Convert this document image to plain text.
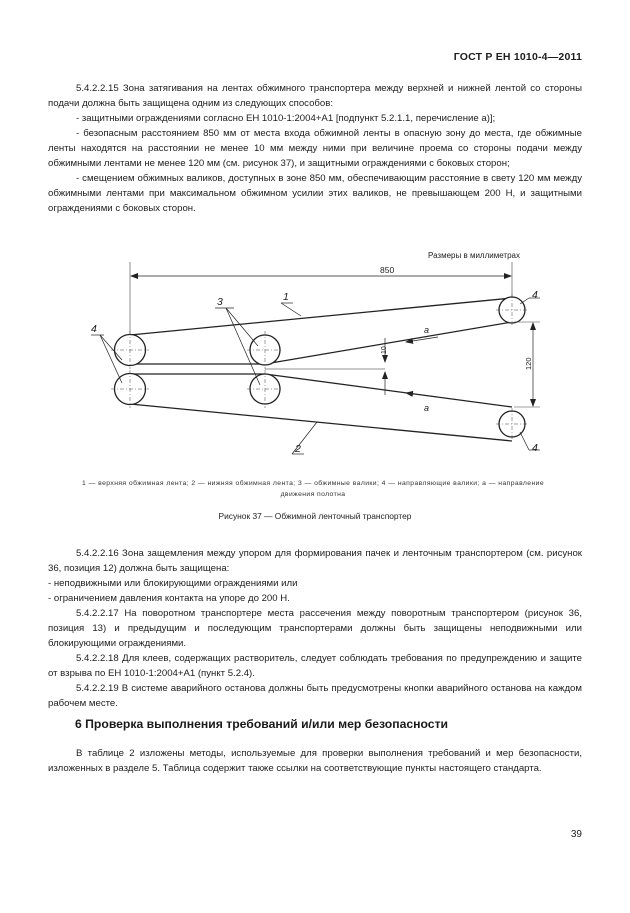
ГОСТ Р ЕН 1010-4—2011

5.4.2.2.15 Зона затягивания на лентах обжимного транспортера между верхней и нижней лентой со стороны подачи должна быть защищена одним из следующих способов:

- защитными ограждениями согласно ЕН 1010-1:2004+А1 [подпункт 5.2.1.1, перечисление а)];

- безопасным расстоянием 850 мм от места входа обжимной ленты в опасную зону до места, где обжимные ленты находятся на расстоянии не менее 10 мм между ними при величине проема со стороны подачи между обжимными лентами не менее 120 мм (см. рисунок 37), и защитными ограждениями с боковых сторон;

- смещением обжимных валиков, доступных в зоне 850 мм, обеспечивающим расстояние в свету 120 мм между обжимными лентами при максимальном обжимном усилии этих валиков, не превышающем 200 Н, и защитными ограждениями с боковых сторон.

Размеры в миллиметрах
850
10
120
a
a
1
2
3
4
4
4
1 — верхняя обжимная лента; 2 — нижняя обжимная лента; 3 — обжимные валики; 4 — направляющие валики; a — направление движения полотна
Рисунок 37 — Обжимной ленточный транспортер

5.4.2.2.16 Зона защемления между упором для формирования пачек и ленточным транспортером (см. рисунок 36, позиция 12) должна быть защищена:

- неподвижными или блокирующими ограждениями или

- ограничением давления контакта на упоре до 200 Н.

5.4.2.2.17 На поворотном транспортере места рассечения между поворотным транспортером (рисунок 36, позиция 13) и предыдущим и последующим транспортерами должны быть защищены неподвижными или блокирующими ограждениями.

5.4.2.2.18 Для клеев, содержащих растворитель, следует соблюдать требования по предупреждению и защите от взрыва по ЕН 1010-1:2004+А1 (пункт 5.2.4).

5.4.2.2.19 В системе аварийного останова должны быть предусмотрены кнопки аварийного останова на каждом рабочем месте.

6 Проверка выполнения требований и/или мер безопасности

В таблице 2 изложены методы, используемые для проверки выполнения требований и мер безопасности, изложенных в разделе 5. Таблица содержит также ссылки на соответствующие пункты настоящего стандарта.

39
